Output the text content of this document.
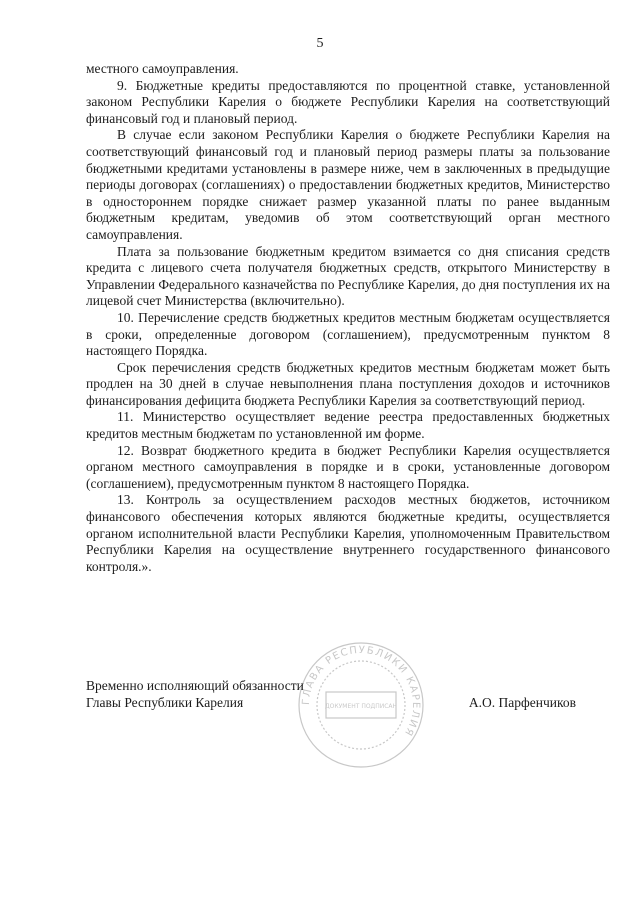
5

местного самоуправления.

9. Бюджетные кредиты предоставляются по процентной ставке, установленной законом Республики Карелия о бюджете Республики Карелия на соответствующий финансовый год и плановый период.

В случае если законом Республики Карелия о бюджете Республики Карелия на соответствующий финансовый год и плановый период размеры платы за пользование бюджетными кредитами установлены в размере ниже, чем в заключенных в предыдущие периоды договорах (соглашениях) о предоставлении бюджетных кредитов, Министерство в одностороннем порядке снижает размер указанной платы по ранее выданным бюджетным кредитам, уведомив об этом соответствующий орган местного самоуправления.

Плата за пользование бюджетным кредитом взимается со дня списания средств кредита с лицевого счета получателя бюджетных средств, открытого Министерству в Управлении Федерального казначейства по Республике Карелия, до дня поступления их на лицевой счет Министерства (включительно).

10. Перечисление средств бюджетных кредитов местным бюджетам осуществляется в сроки, определенные договором (соглашением), предусмотренным пунктом 8 настоящего Порядка.

Срок перечисления средств бюджетных кредитов местным бюджетам может быть продлен на 30 дней в случае невыполнения плана поступления доходов и источников финансирования дефицита бюджета Республики Карелия за соответствующий период.

11. Министерство осуществляет ведение реестра предоставленных бюджетных кредитов местным бюджетам по установленной им форме.

12. Возврат бюджетного кредита в бюджет Республики Карелия осуществляется органом местного самоуправления в порядке и в сроки, установленные договором (соглашением), предусмотренным пунктом 8 настоящего Порядка.

13. Контроль за осуществлением расходов местных бюджетов, источником финансового обеспечения которых являются бюджетные кредиты, осуществляется органом исполнительной власти Республики Карелия, уполномоченным Правительством Республики Карелия на осуществление внутреннего государственного финансового контроля.».

ГЛАВА РЕСПУБЛИКИ КАРЕЛИЯ
ДОКУМЕНТ ПОДПИСАН
Временно исполняющий обязанности
Главы Республики Карелия	А.О. Парфенчиков
